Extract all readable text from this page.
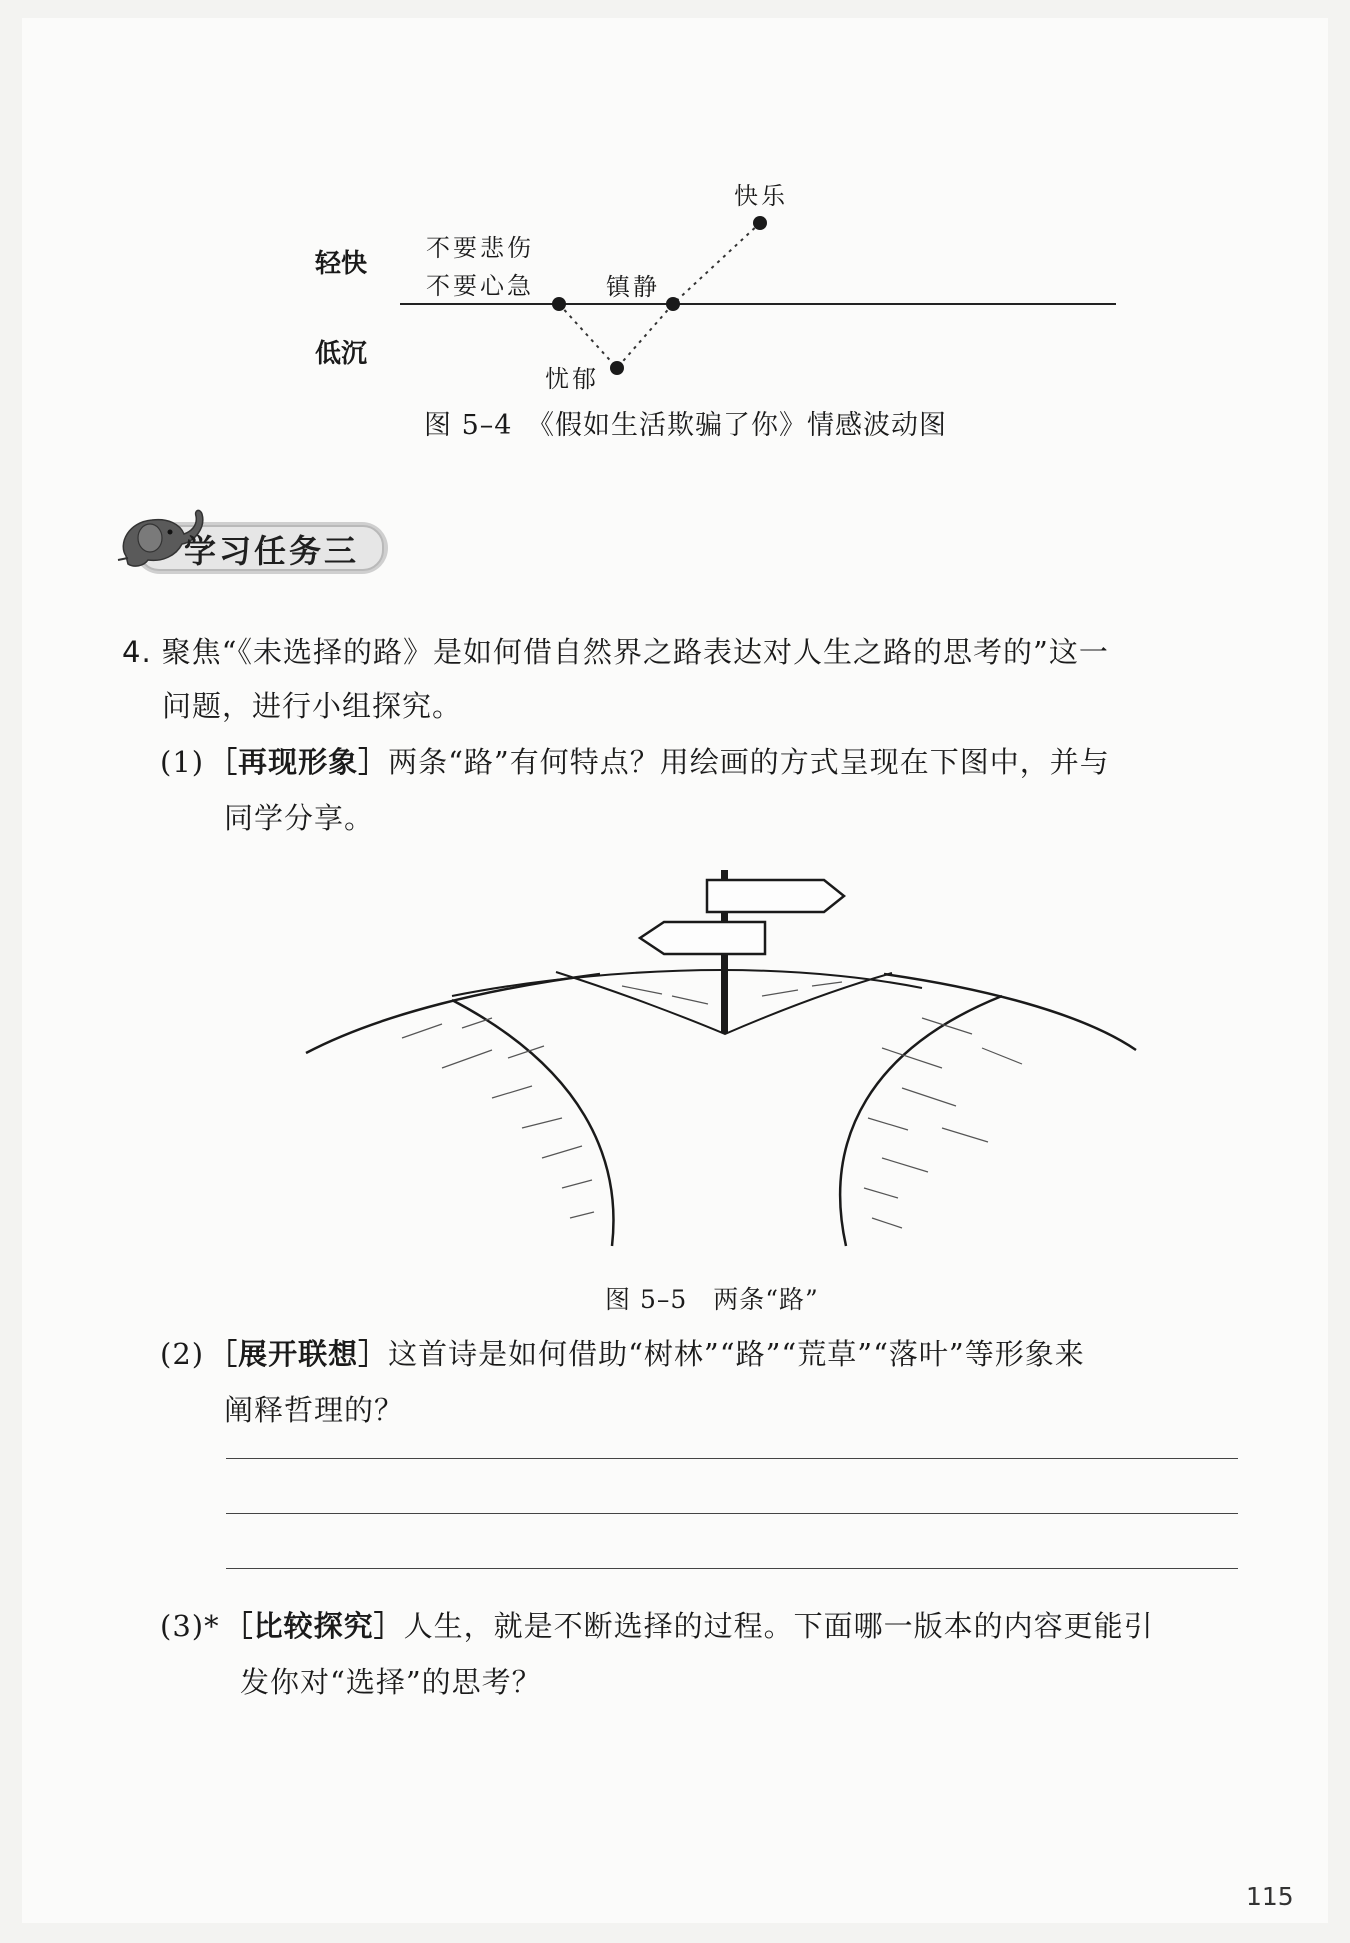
轻快
低沉
不要悲伤
不要心急
忧郁
镇静
快乐
图 5–4　《假如生活欺骗了你》情感波动图
学习任务三
4. 聚焦“《未选择的路》是如何借自然界之路表达对人生之路的思考的”这一
问题，进行小组探究。
(1) ［再现形象］两条“路”有何特点？用绘画的方式呈现在下图中，并与
同学分享。
图 5–5　两条“路”
(2) ［展开联想］这首诗是如何借助“树林”“路”“荒草”“落叶”等形象来
阐释哲理的？
(3)* ［比较探究］人生，就是不断选择的过程。下面哪一版本的内容更能引
发你对“选择”的思考？
115
